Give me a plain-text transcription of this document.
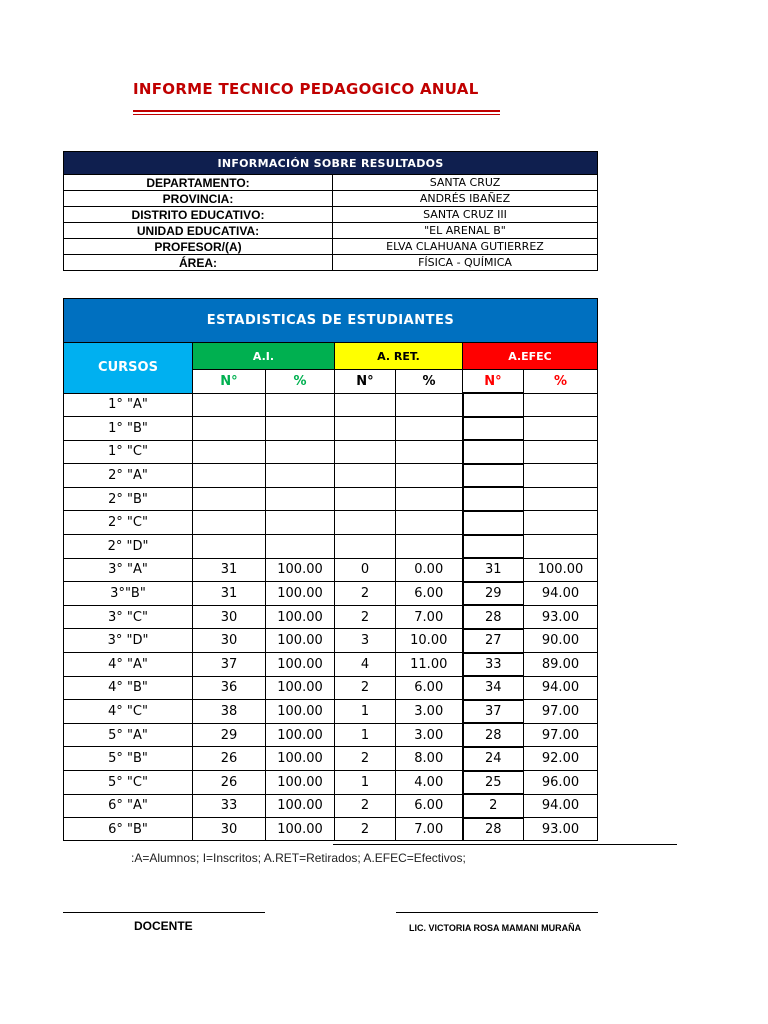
INFORME TECNICO PEDAGOGICO ANUAL
INFORMACIÓN SOBRE RESULTADOS	
DEPARTAMENTO:	SANTA CRUZ
PROVINCIA:	ANDRÉS IBAÑEZ
DISTRITO EDUCATIVO:	SANTA CRUZ III
UNIDAD EDUCATIVA:	"EL ARENAL B"
PROFESOR/(A)	ELVA CLAHUANA GUTIERREZ
ÁREA:	FÍSICA - QUÍMICA
ESTADISTICAS DE ESTUDIANTES						
CURSOS	A.I.		A. RET.		A.EFEC	
	N°	%	N°	%	N°	%
1° "A"						
1° "B"						
1° "C"						
2° "A"						
2° "B"						
2° "C"						
2° "D"						
3° "A"	31	100.00	0	0.00	31	100.00
3°"B"	31	100.00	2	6.00	29	94.00
3° "C"	30	100.00	2	7.00	28	93.00
3° "D"	30	100.00	3	10.00	27	90.00
4° "A"	37	100.00	4	11.00	33	89.00
4° "B"	36	100.00	2	6.00	34	94.00
4° "C"	38	100.00	1	3.00	37	97.00
5° "A"	29	100.00	1	3.00	28	97.00
5° "B"	26	100.00	2	8.00	24	92.00
5° "C"	26	100.00	1	4.00	25	96.00
6° "A"	33	100.00	2	6.00	2	94.00
6° "B"	30	100.00	2	7.00	28	93.00
:A=Alumnos; I=Inscritos; A.RET=Retirados; A.EFEC=Efectivos;
DOCENTE	LIC. VICTORIA ROSA MAMANI MURAÑA
